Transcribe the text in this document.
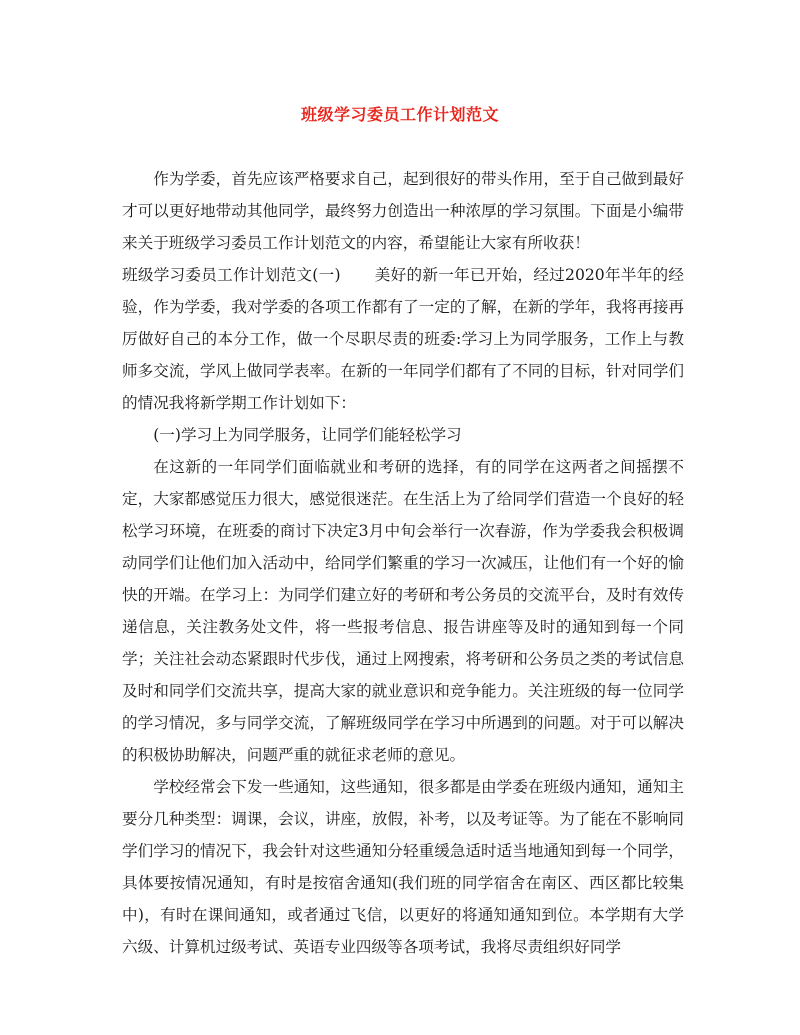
班级学习委员工作计划范文

作为学委，首先应该严格要求自己，起到很好的带头作用，至于自己做到最好才可以更好地带动其他同学，最终努力创造出一种浓厚的学习氛围。下面是小编带来关于班级学习委员工作计划范文的内容，希望能让大家有所收获！

班级学习委员工作计划范文(一) 美好的新一年已开始，经过2020年半年的经验，作为学委，我对学委的各项工作都有了一定的了解，在新的学年，我将再接再厉做好自己的本分工作，做一个尽职尽责的班委:学习上为同学服务，工作上与教师多交流，学风上做同学表率。在新的一年同学们都有了不同的目标，针对同学们的情况我将新学期工作计划如下：

(一)学习上为同学服务，让同学们能轻松学习

在这新的一年同学们面临就业和考研的选择，有的同学在这两者之间摇摆不定，大家都感觉压力很大，感觉很迷茫。在生活上为了给同学们营造一个良好的轻松学习环境，在班委的商讨下决定3月中旬会举行一次春游，作为学委我会积极调动同学们让他们加入活动中，给同学们繁重的学习一次减压，让他们有一个好的愉快的开端。在学习上：为同学们建立好的考研和考公务员的交流平台，及时有效传递信息，关注教务处文件，将一些报考信息、报告讲座等及时的通知到每一个同学；关注社会动态紧跟时代步伐，通过上网搜索，将考研和公务员之类的考试信息及时和同学们交流共享，提高大家的就业意识和竞争能力。关注班级的每一位同学的学习情况，多与同学交流，了解班级同学在学习中所遇到的问题。对于可以解决的积极协助解决，问题严重的就征求老师的意见。

学校经常会下发一些通知，这些通知，很多都是由学委在班级内通知，通知主要分几种类型：调课，会议，讲座，放假，补考，以及考证等。为了能在不影响同学们学习的情况下，我会针对这些通知分轻重缓急适时适当地通知到每一个同学，具体要按情况通知，有时是按宿舍通知(我们班的同学宿舍在南区、西区都比较集中)，有时在课间通知，或者通过飞信，以更好的将通知通知到位。本学期有大学六级、计算机过级考试、英语专业四级等各项考试，我将尽责组织好同学
